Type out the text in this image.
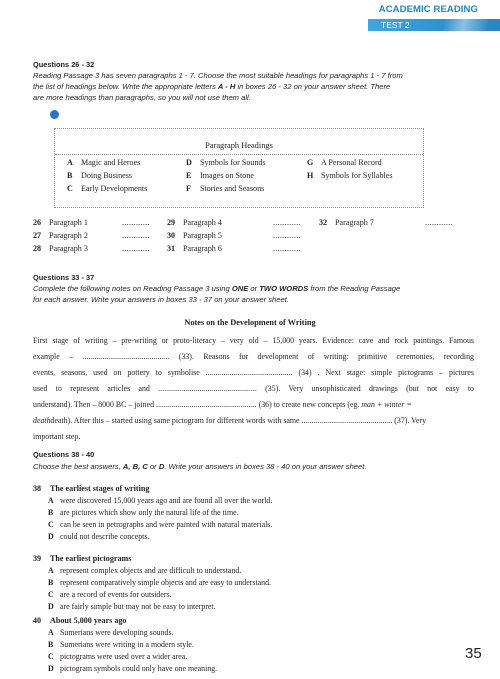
ACADEMIC READING
TEST 2
Questions 26 - 32
Reading Passage 3 has seven paragraphs 1 - 7. Choose the most suitable headings for paragraphs 1 - 7 from
the list of headings below. Write the appropriate letters A - H in boxes 26 - 32 on your answer sheet. There
are more headings than paragraphs, so you will not use them all.
Paragraph Headings
A Magic and Heroes
B Doing Business
C Early Developments
D Symbols for Sounds
E Images on Stone
F Stories and Seasons
G A Personal Record
H Symbols for Syllables
26 Paragraph 1	............
27 Paragraph 2	............
28 Paragraph 3	............
29 Paragraph 4	............
30 Paragraph 5	............
31 Paragraph 6	............
32 Paragraph 7	............
Questions 33 - 37
Complete the following notes on Reading Passage 3 using ONE or TWO WORDS from the Reading Passage
for each answer. Write your answers in boxes 33 - 37 on your answer sheet.
Notes on the Development of Writing
First stage of writing – pre-writing or proto-literacy – very old – 15,000 years. Evidence: cave and rock paintings. Famous
example – ............................................ (33). Reasons for development of writing: primitive ceremonies, recording
events, seasons, used on pottery to symbolise ............................................ (34) . Next stage: simple pictograms – pictures
used to represent articles and .................................................. (35). Very unsophisticated drawings (but not easy to
understand). Then – 8000 BC – joined ................................................... (36) to create new concepts (eg. man + winter =
deathdeath). After this – started using same pictogram for different words with same .............................................. (37). Very
important step.
Questions 38 - 40
Choose the best answers, A, B, C or D. Write your answers in boxes 38 - 40 on your answer sheet.
38 The earliest stages of writing
A were discovered 15,000 years ago and are found all over the world.
B are pictures which show only the natural life of the time.
C can be seen in petrographs and were painted with natural materials.
D could not describe concepts.
39 The earliest pictograms
A represent complex objects and are difficult to understand.
B represent comparatively simple objects and are easy to understand.
C are a record of events for outsiders.
D are fairly simple but may not be easy to interpret.
40 About 5,000 years ago
A Sumerians were developing sounds.
B Sumerians were writing in a modern style.
C pictograms were used over a wider area.
D pictogram symbols could only have one meaning.
35
